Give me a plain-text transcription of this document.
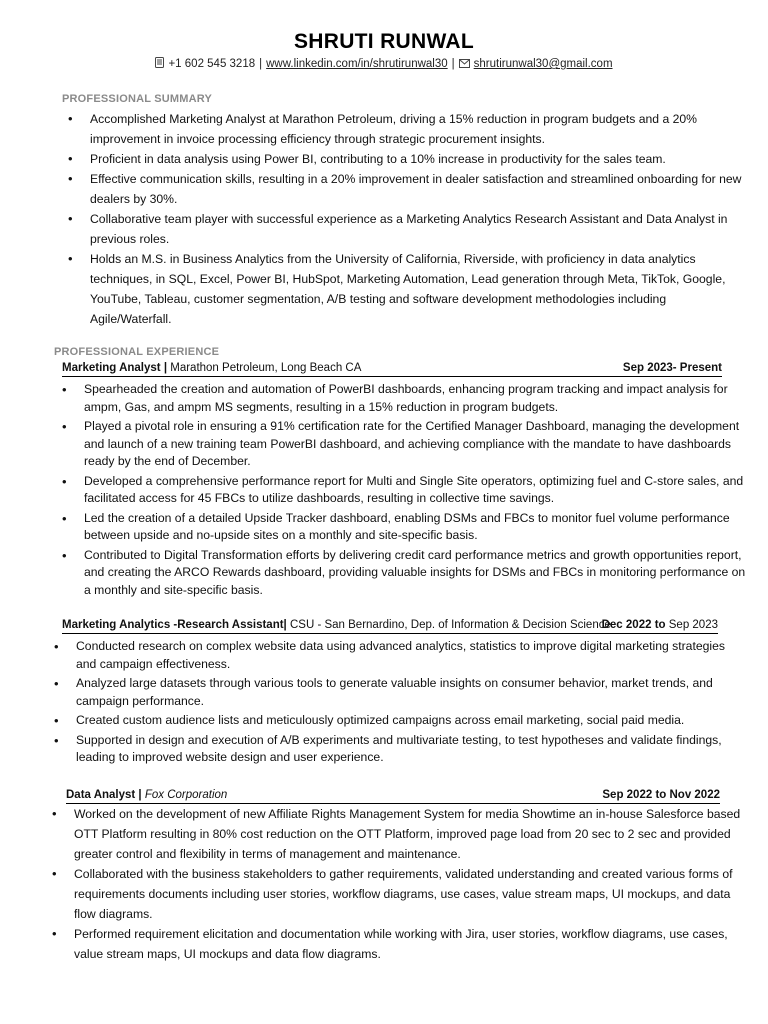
SHRUTI RUNWAL
+1 602 545 3218 | www.linkedin.com/in/shrutirunwal30 | shrutirunwal30@gmail.com
PROFESSIONAL SUMMARY
• Accomplished Marketing Analyst at Marathon Petroleum, driving a 15% reduction in program budgets and a 20% improvement in invoice processing efficiency through strategic procurement insights.
• Proficient in data analysis using Power BI, contributing to a 10% increase in productivity for the sales team.
• Effective communication skills, resulting in a 20% improvement in dealer satisfaction and streamlined onboarding for new dealers by 30%.
• Collaborative team player with successful experience as a Marketing Analytics Research Assistant and Data Analyst in previous roles.
• Holds an M.S. in Business Analytics from the University of California, Riverside, with proficiency in data analytics techniques, in SQL, Excel, Power BI, HubSpot, Marketing Automation, Lead generation through Meta, TikTok, Google, YouTube, Tableau, customer segmentation, A/B testing and software development methodologies including Agile/Waterfall.
PROFESSIONAL EXPERIENCE
Marketing Analyst | Marathon Petroleum, Long Beach CA	Sep 2023- Present
• Spearheaded the creation and automation of PowerBI dashboards, enhancing program tracking and impact analysis for ampm, Gas, and ampm MS segments, resulting in a 15% reduction in program budgets.
• Played a pivotal role in ensuring a 91% certification rate for the Certified Manager Dashboard, managing the development and launch of a new training team PowerBI dashboard, and achieving compliance with the mandate to have dashboards ready by the end of December.
• Developed a comprehensive performance report for Multi and Single Site operators, optimizing fuel and C-store sales, and facilitated access for 45 FBCs to utilize dashboards, resulting in collective time savings.
• Led the creation of a detailed Upside Tracker dashboard, enabling DSMs and FBCs to monitor fuel volume performance between upside and no-upside sites on a monthly and site-specific basis.
• Contributed to Digital Transformation efforts by delivering credit card performance metrics and growth opportunities report, and creating the ARCO Rewards dashboard, providing valuable insights for DSMs and FBCs in monitoring performance on a monthly and site-specific basis.
Marketing Analytics -Research Assistant| CSU - San Bernardino, Dep. of Information & Decision Science
Dec 2022 to Sep 2023
• Conducted research on complex website data using advanced analytics, statistics to improve digital marketing strategies and campaign effectiveness.
• Analyzed large datasets through various tools to generate valuable insights on consumer behavior, market trends, and campaign performance.
• Created custom audience lists and meticulously optimized campaigns across email marketing, social paid media.
• Supported in design and execution of A/B experiments and multivariate testing, to test hypotheses and validate findings, leading to improved website design and user experience.
Data Analyst | Fox Corporation	Sep 2022 to Nov 2022
• Worked on the development of new Affiliate Rights Management System for media Showtime an in-house Salesforce based OTT Platform resulting in 80% cost reduction on the OTT Platform, improved page load from 20 sec to 2 sec and provided greater control and flexibility in terms of management and maintenance.
• Collaborated with the business stakeholders to gather requirements, validated understanding and created various forms of requirements documents including user stories, workflow diagrams, use cases, value stream maps, UI mockups, and data flow diagrams.
• Performed requirement elicitation and documentation while working with Jira, user stories, workflow diagrams, use cases, value stream maps, UI mockups and data flow diagrams.
